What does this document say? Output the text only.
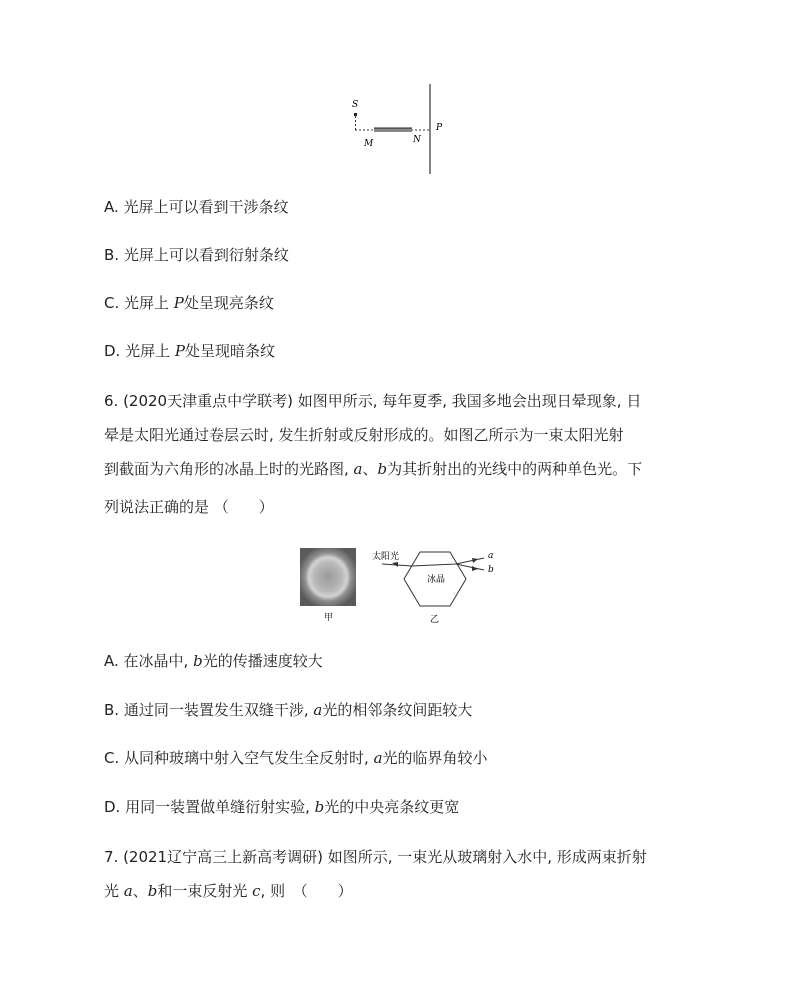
S
P
M	N
A. 光屏上可以看到干涉条纹
B. 光屏上可以看到衍射条纹
C. 光屏上 P处呈现亮条纹
D. 光屏上 P处呈现暗条纹
6. (2020天津重点中学联考) 如图甲所示, 每年夏季, 我国多地会出现日晕现象, 日
晕是太阳光通过卷层云时, 发生折射或反射形成的。如图乙所示为一束太阳光射
到截面为六角形的冰晶上时的光路图, a、b为其折射出的光线中的两种单色光。下
列说法正确的是 （　　）
甲
冰晶
太阳光	a
b
乙
A. 在冰晶中, b光的传播速度较大
B. 通过同一装置发生双缝干涉, a光的相邻条纹间距较大
C. 从同种玻璃中射入空气发生全反射时, a光的临界角较小
D. 用同一装置做单缝衍射实验, b光的中央亮条纹更宽
7. (2021辽宁高三上新高考调研) 如图所示, 一束光从玻璃射入水中, 形成两束折射
光 a、b和一束反射光 c, 则　（　　）
